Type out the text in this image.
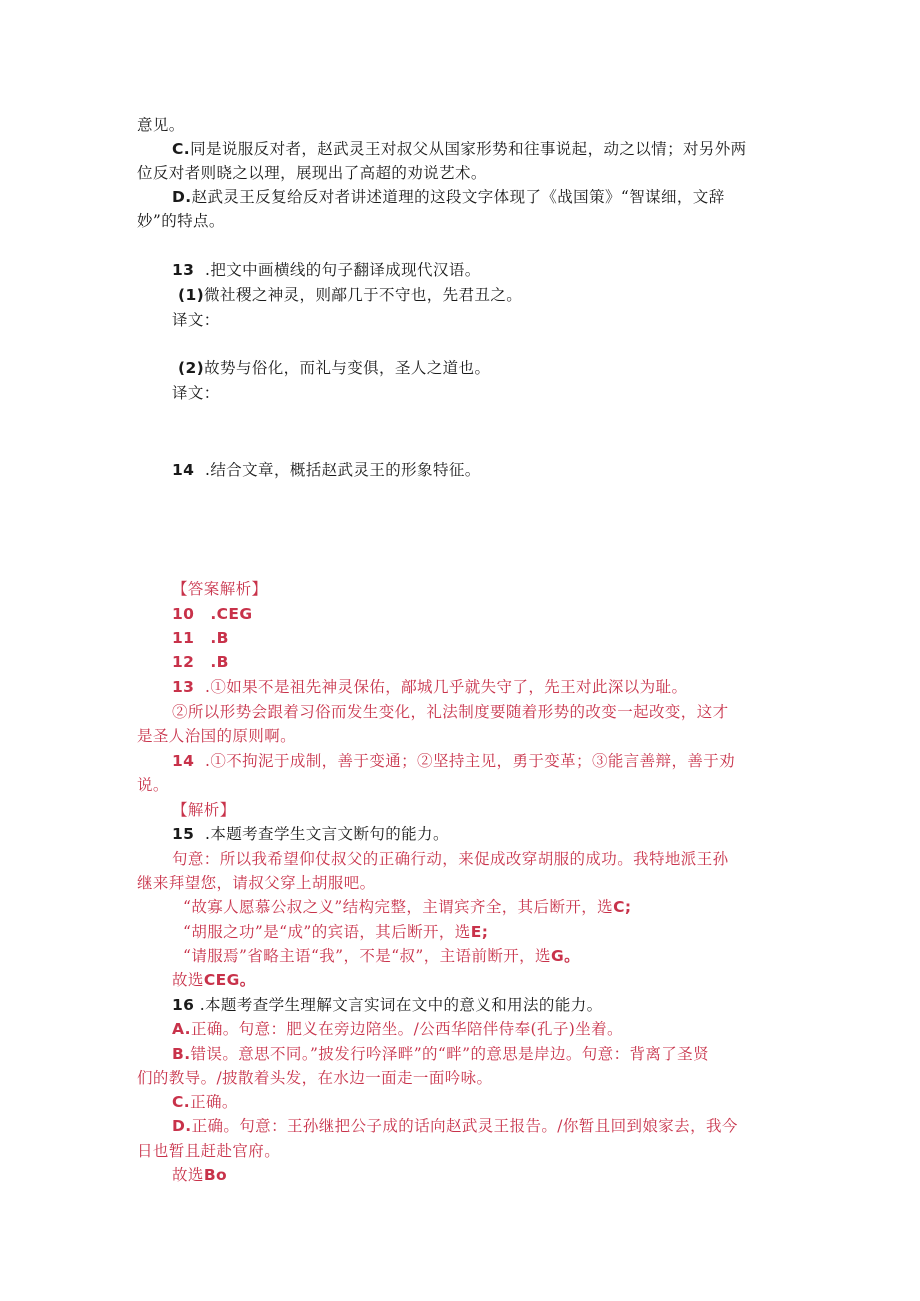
意见。
C.同是说服反对者，赵武灵王对叔父从国家形势和往事说起，动之以情；对另外两
位反对者则晓之以理，展现出了高超的劝说艺术。
D.赵武灵王反复给反对者讲述道理的这段文字体现了《战国策》“智谋细，文辞
妙”的特点。
13 .把文中画横线的句子翻译成现代汉语。
(1)微社稷之神灵，则鄗几于不守也，先君丑之。
译文：
(2)故势与俗化，而礼与变俱，圣人之道也。
译文：
14 .结合文章，概括赵武灵王的形象特征。
【答案解析】
10 .CEG
11 .B
12 .B
13 .①如果不是祖先神灵保佑，鄗城几乎就失守了，先王对此深以为耻。
②所以形势会跟着习俗而发生变化，礼法制度要随着形势的改变一起改变，这才
是圣人治国的原则啊。
14 .①不拘泥于成制，善于变通；②坚持主见，勇于变革；③能言善辩，善于劝
说。
【解析】
15 .本题考查学生文言文断句的能力。
句意：所以我希望仰仗叔父的正确行动，来促成改穿胡服的成功。我特地派王孙
继来拜望您，请叔父穿上胡服吧。
“故寡人愿慕公叔之义”结构完整，主谓宾齐全，其后断开，选C;
“胡服之功”是“成”的宾语，其后断开，选E;
“请服焉”省略主语“我”，不是“叔”，主语前断开，选G。
故选CEG。
16 .本题考查学生理解文言实词在文中的意义和用法的能力。
A.正确。句意：肥义在旁边陪坐。/公西华陪伴侍奉(孔子)坐着。
B.错误。意思不同。”披发行吟泽畔”的“畔”的意思是岸边。句意：背离了圣贤
们的教导。/披散着头发，在水边一面走一面吟咏。
C.正确。
D.正确。句意：王孙继把公子成的话向赵武灵王报告。/你暂且回到娘家去，我今
日也暂且赶赴官府。
故选Bo
